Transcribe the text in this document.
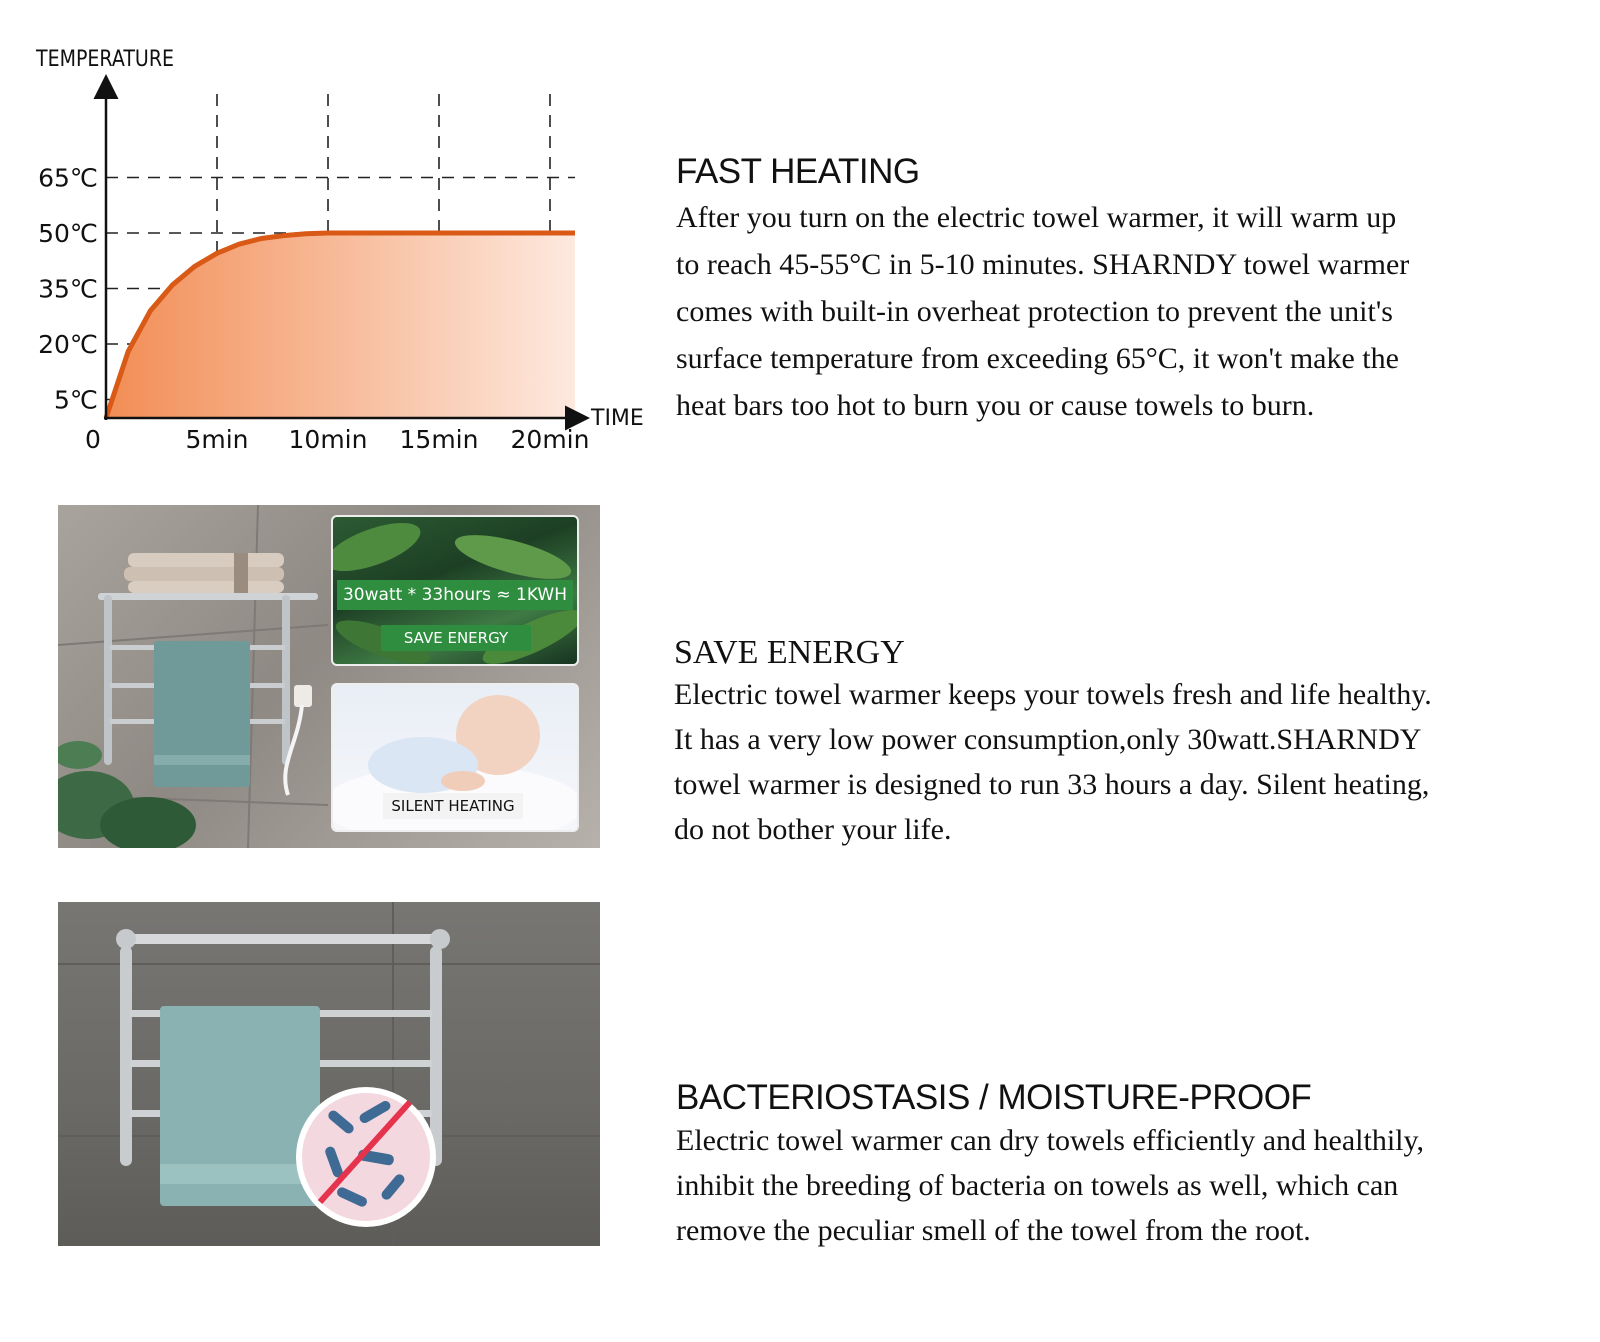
TEMPERATURE
TIME
5℃
20℃
35℃
50℃
65℃
0	5min 10min 15min 20min
FAST HEATING
After you turn on the electric towel warmer, it will warm up
to reach 45-55°C in 5-10 minutes. SHARNDY towel warmer
comes with built-in overheat protection to prevent the unit's
surface temperature from exceeding 65°C, it won't make the
heat bars too hot to burn you or cause towels to burn.
30watt * 33hours ≈ 1KWH
SAVE ENERGY
SILENT HEATING
SAVE ENERGY
Electric towel warmer keeps your towels fresh and life healthy.
It has a very low power consumption,only 30watt.SHARNDY
towel warmer is designed to run 33 hours a day. Silent heating,
do not bother your life.
BACTERIOSTASIS / MOISTURE-PROOF
Electric towel warmer can dry towels efficiently and healthily,
inhibit the breeding of bacteria on towels as well, which can
remove the peculiar smell of the towel from the root.
